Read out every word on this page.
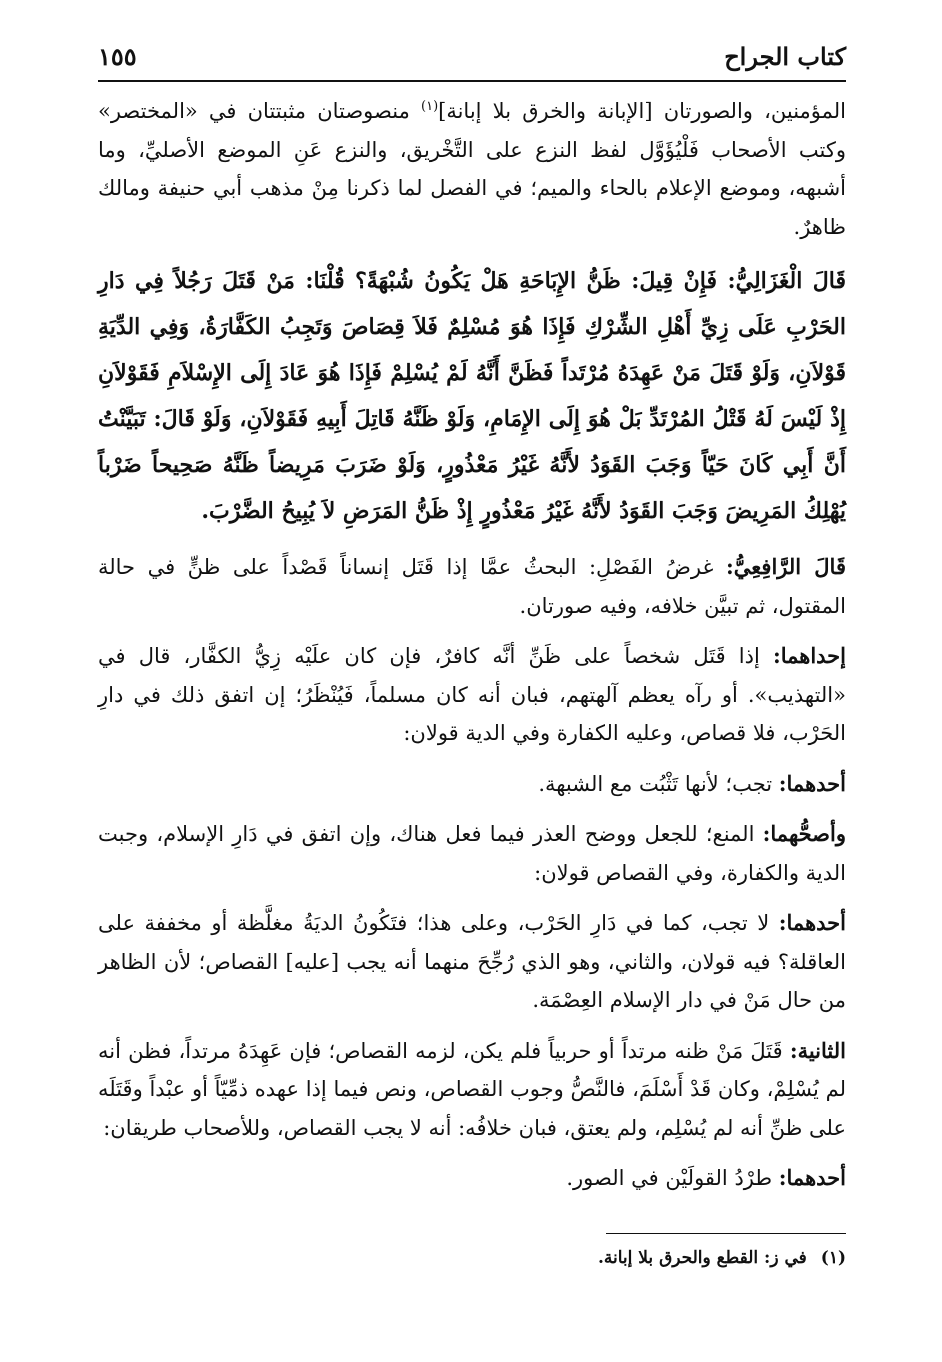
كتاب الجراح
١٥٥

المؤمنين، والصورتان [الإبانة والخرق بلا إبانة]$^{(١)}$ منصوصتان مثبتتان في «المختصر» وكتب الأصحاب فَلْيُؤَوَّل لفظ النزع على التَّخْريق، والنزع عَنِ الموضع الأصليِّ، وما أشبهه، وموضع الإعلام بالحاء والميم؛ في الفصل لما ذكرنا مِنْ مذهب أبي حنيفة ومالك ظاهرٌ.

قَالَ الْغَزَالِيُّ: فَإِنْ قِيلَ: ظَنُّ الإِبَاحَةِ هَلْ يَكُونُ شُبْهَةً؟ قُلْنَا: مَنْ قَتَلَ رَجُلاً فِي دَارِ الحَرْبِ عَلَى زِيِّ أَهْلِ الشِّرْكِ فَإِذَا هُوَ مُسْلِمٌ فَلاَ قِصَاصَ وَتَجِبُ الكَفَّارَةُ، وَفِي الدِّيَةِ قَوْلاَنِ، وَلَوْ قَتَلَ مَنْ عَهِدَهُ مُرْتَداً فَظَنَّ أَنَّهُ لَمْ يُسْلِمْ فَإِذَا هُوَ عَادَ إِلَى الإِسْلاَمِ فَقَوْلاَنِ إِذْ لَيْسَ لَهُ قَتْلُ المُرْتَدِّ بَلْ هُوَ إِلَى الإِمَامِ، وَلَوْ ظَنَّهُ قَاتِلَ أَبِيهِ فَقَوْلاَنِ، وَلَوْ قَالَ: تَبَيَّنْتُ أَنَّ أَبِي كَانَ حَيّاً وَجَبَ القَوَدُ لأَنَّهُ غَيْرُ مَعْذُورٍ، وَلَوْ ضَرَبَ مَرِيضاً ظَنَّهُ صَحِيحاً ضَرْباً يُهْلِكُ المَرِيضَ وَجَبَ القَوَدُ لأَنَّهُ غَيْرُ مَعْذُورٍ إِذْ ظَنُّ المَرَضِ لاَ يُبِيحُ الضَّرْبَ.

قَالَ الرَّافِعِيُّ: غرضُ الفَصْلِ: البحثُ عمَّا إذا قَتَل إنساناً قَصْداً على ظنٍّ في حالة المقتول، ثم تبيَّن خلافه، وفيه صورتان.

إحداهما: إذا قَتَل شخصاً على ظَنِّ أنَّه كافرٌ، فإن كان علَيْه زِيُّ الكفَّار، قال في «التهذيب». أو رآه يعظم آلهتهم، فبان أنه كان مسلماً، فَيُنْظَرُ؛ إن اتفق ذلك في دارِ الحَرْب، فلا قصاص، وعليه الكفارة وفي الدية قولان:

أحدهما: تجب؛ لأنها تَثْبُت مع الشبهة.

وأصحُّهما: المنع؛ للجعل ووضح العذر فيما فعل هناك، وإن اتفق في دَارِ الإسلام، وجبت الدية والكفارة، وفي القصاص قولان:

أحدهما: لا تجب، كما في دَارِ الحَرْب، وعلى هذا؛ فتَكُونُ الديَةُ مغلَّظة أو مخففة على العاقلة؟ فيه قولان، والثاني، وهو الذي رُجِّحَ منهما أنه يجب [عليه] القصاص؛ لأن الظاهر من حال مَنْ في دار الإسلام العِصْمَة.

الثانية: قَتَلَ مَنْ ظنه مرتداً أو حربياً فلم يكن، لزمه القصاص؛ فإن عَهِدَهُ مرتداً، فظن أنه لم يُسْلِمْ، وكان قَدْ أَسْلَمَ، فالنَّصُّ وجوب القصاص، ونص فيما إذا عهده ذمِّيّاً أو عبْداً وقَتَلَه على ظنِّ أنه لم يُسْلِم، ولم يعتق، فبان خلافُه: أنه لا يجب القصاص، وللأصحاب طريقان:

أحدهما: طرْدُ القولَيْن في الصور.

(١)في ز: القطع والحرق بلا إبانة.
